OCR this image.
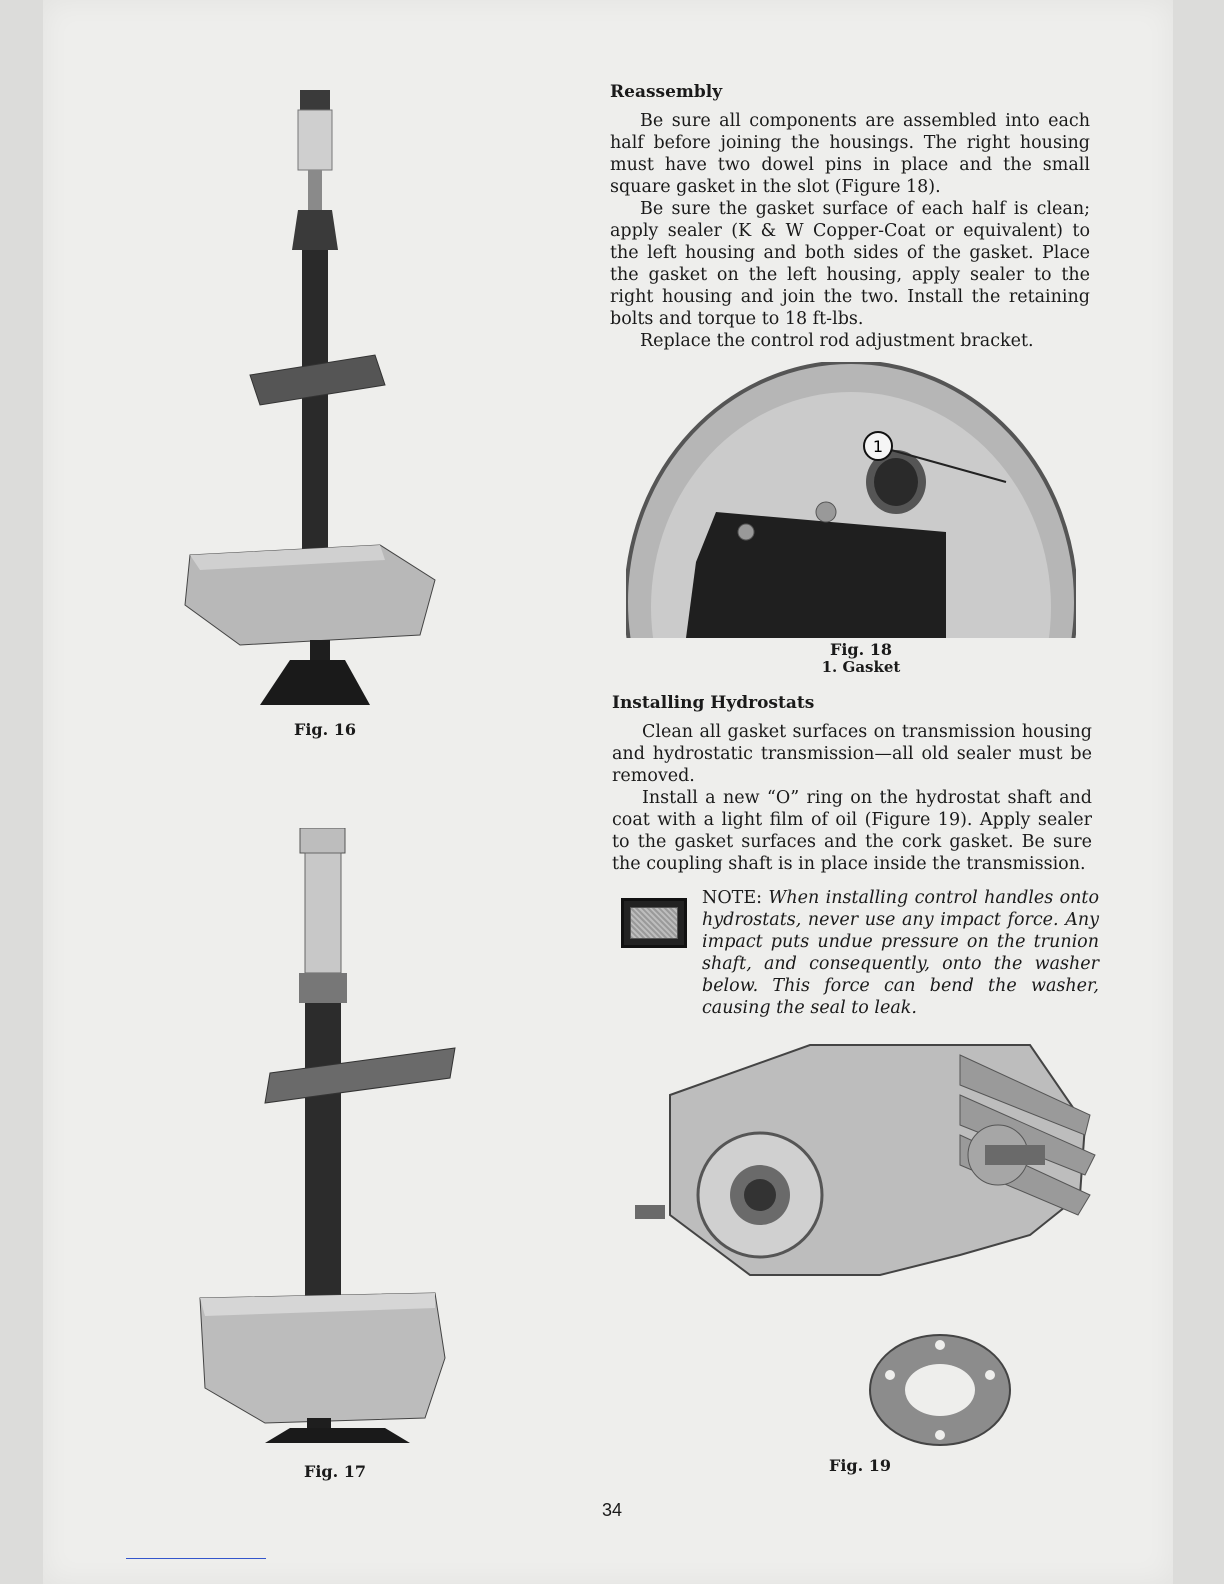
Fig. 16
Fig. 17
Reassembly

Be sure all components are assembled into each half before joining the housings. The right housing must have two dowel pins in place and the small square gasket in the slot (Figure 18).

Be sure the gasket surface of each half is clean; apply sealer (K & W Copper-Coat or equivalent) to the left housing and both sides of the gasket. Place the gasket on the left housing, apply sealer to the right housing and join the two. Install the retaining bolts and torque to 18 ft-lbs.

Replace the control rod adjustment bracket.

1
Fig. 18
1. Gasket
Installing Hydrostats

Clean all gasket surfaces on transmission housing and hydrostatic transmission—all old sealer must be removed.

Install a new “O” ring on the hydrostat shaft and coat with a light film of oil (Figure 19). Apply sealer to the gasket surfaces and the cork gasket. Be sure the coupling shaft is in place inside the transmission.

NOTE: When installing control handles onto hydrostats, never use any impact force. Any impact puts undue pressure on the trunion shaft, and consequently, onto the washer below. This force can bend the washer, causing the seal to leak.

Fig. 19
34
